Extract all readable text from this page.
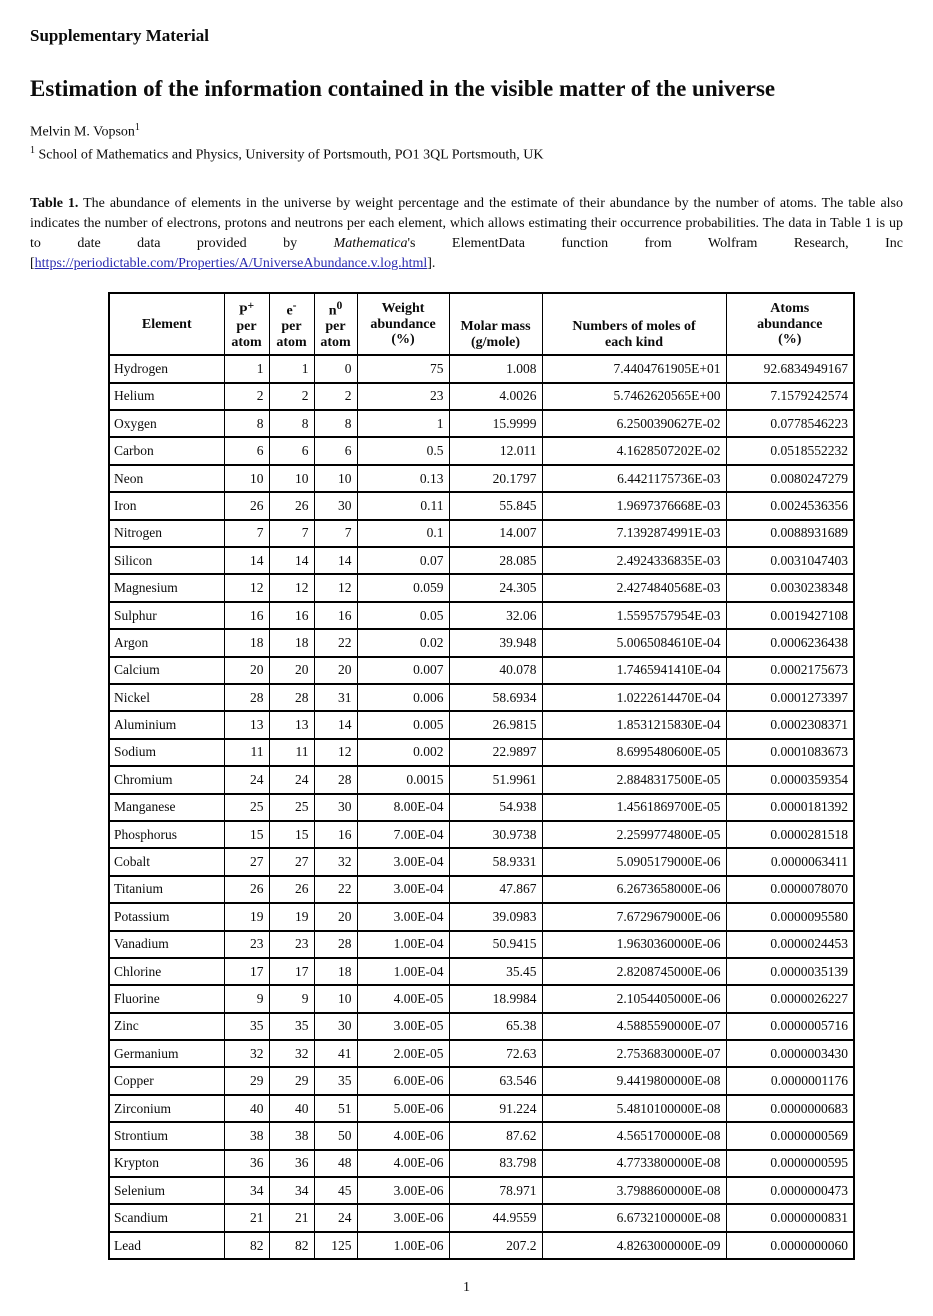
Supplementary Material
Estimation of the information contained in the visible matter of the universe
Melvin M. Vopson$^1$
$^1$ School of Mathematics and Physics, University of Portsmouth, PO1 3QL Portsmouth, UK
Table 1. The abundance of elements in the universe by weight percentage and the estimate of their abundance by the number of atoms. The table also indicates the number of electrons, protons and neutrons per each element, which allows estimating their occurrence probabilities. The data in Table 1 is up to date data provided by Mathematica's ElementData function from Wolfram Research, Inc [https://periodictable.com/Properties/A/UniverseAbundance.v.log.html].
Element	
P+
per
atom

e-
per
atom

$n^0$
per
atom

Weight
abundance
(%)

Molar mass
(g/mole)

Numbers of moles of
each kind

Atoms
abundance
(%)

Hydrogen	1	1	0	75	1.008	7.4404761905E+01	92.6834949167
Helium	2	2	2	23	4.0026	5.7462620565E+00	7.1579242574
Oxygen	8	8	8	1	15.9999	6.2500390627E-02	0.0778546223
Carbon	6	6	6	0.5	12.011	4.1628507202E-02	0.0518552232
Neon	10	10	10	0.13	20.1797	6.4421175736E-03	0.0080247279
Iron	26	26	30	0.11	55.845	1.9697376668E-03	0.0024536356
Nitrogen	7	7	7	0.1	14.007	7.1392874991E-03	0.0088931689
Silicon	14	14	14	0.07	28.085	2.4924336835E-03	0.0031047403
Magnesium	12	12	12	0.059	24.305	2.4274840568E-03	0.0030238348
Sulphur	16	16	16	0.05	32.06	1.5595757954E-03	0.0019427108
Argon	18	18	22	0.02	39.948	5.0065084610E-04	0.0006236438
Calcium	20	20	20	0.007	40.078	1.7465941410E-04	0.0002175673
Nickel	28	28	31	0.006	58.6934	1.0222614470E-04	0.0001273397
Aluminium	13	13	14	0.005	26.9815	1.8531215830E-04	0.0002308371
Sodium	11	11	12	0.002	22.9897	8.6995480600E-05	0.0001083673
Chromium	24	24	28	0.0015	51.9961	2.8848317500E-05	0.0000359354
Manganese	25	25	30	8.00E-04	54.938	1.4561869700E-05	0.0000181392
Phosphorus	15	15	16	7.00E-04	30.9738	2.2599774800E-05	0.0000281518
Cobalt	27	27	32	3.00E-04	58.9331	5.0905179000E-06	0.0000063411
Titanium	26	26	22	3.00E-04	47.867	6.2673658000E-06	0.0000078070
Potassium	19	19	20	3.00E-04	39.0983	7.6729679000E-06	0.0000095580
Vanadium	23	23	28	1.00E-04	50.9415	1.9630360000E-06	0.0000024453
Chlorine	17	17	18	1.00E-04	35.45	2.8208745000E-06	0.0000035139
Fluorine	9	9	10	4.00E-05	18.9984	2.1054405000E-06	0.0000026227
Zinc	35	35	30	3.00E-05	65.38	4.5885590000E-07	0.0000005716
Germanium	32	32	41	2.00E-05	72.63	2.7536830000E-07	0.0000003430
Copper	29	29	35	6.00E-06	63.546	9.4419800000E-08	0.0000001176
Zirconium	40	40	51	5.00E-06	91.224	5.4810100000E-08	0.0000000683
Strontium	38	38	50	4.00E-06	87.62	4.5651700000E-08	0.0000000569
Krypton	36	36	48	4.00E-06	83.798	4.7733800000E-08	0.0000000595
Selenium	34	34	45	3.00E-06	78.971	3.7988600000E-08	0.0000000473
Scandium	21	21	24	3.00E-06	44.9559	6.6732100000E-08	0.0000000831
Lead	82	82	125	1.00E-06	207.2	4.8263000000E-09	0.0000000060
1
